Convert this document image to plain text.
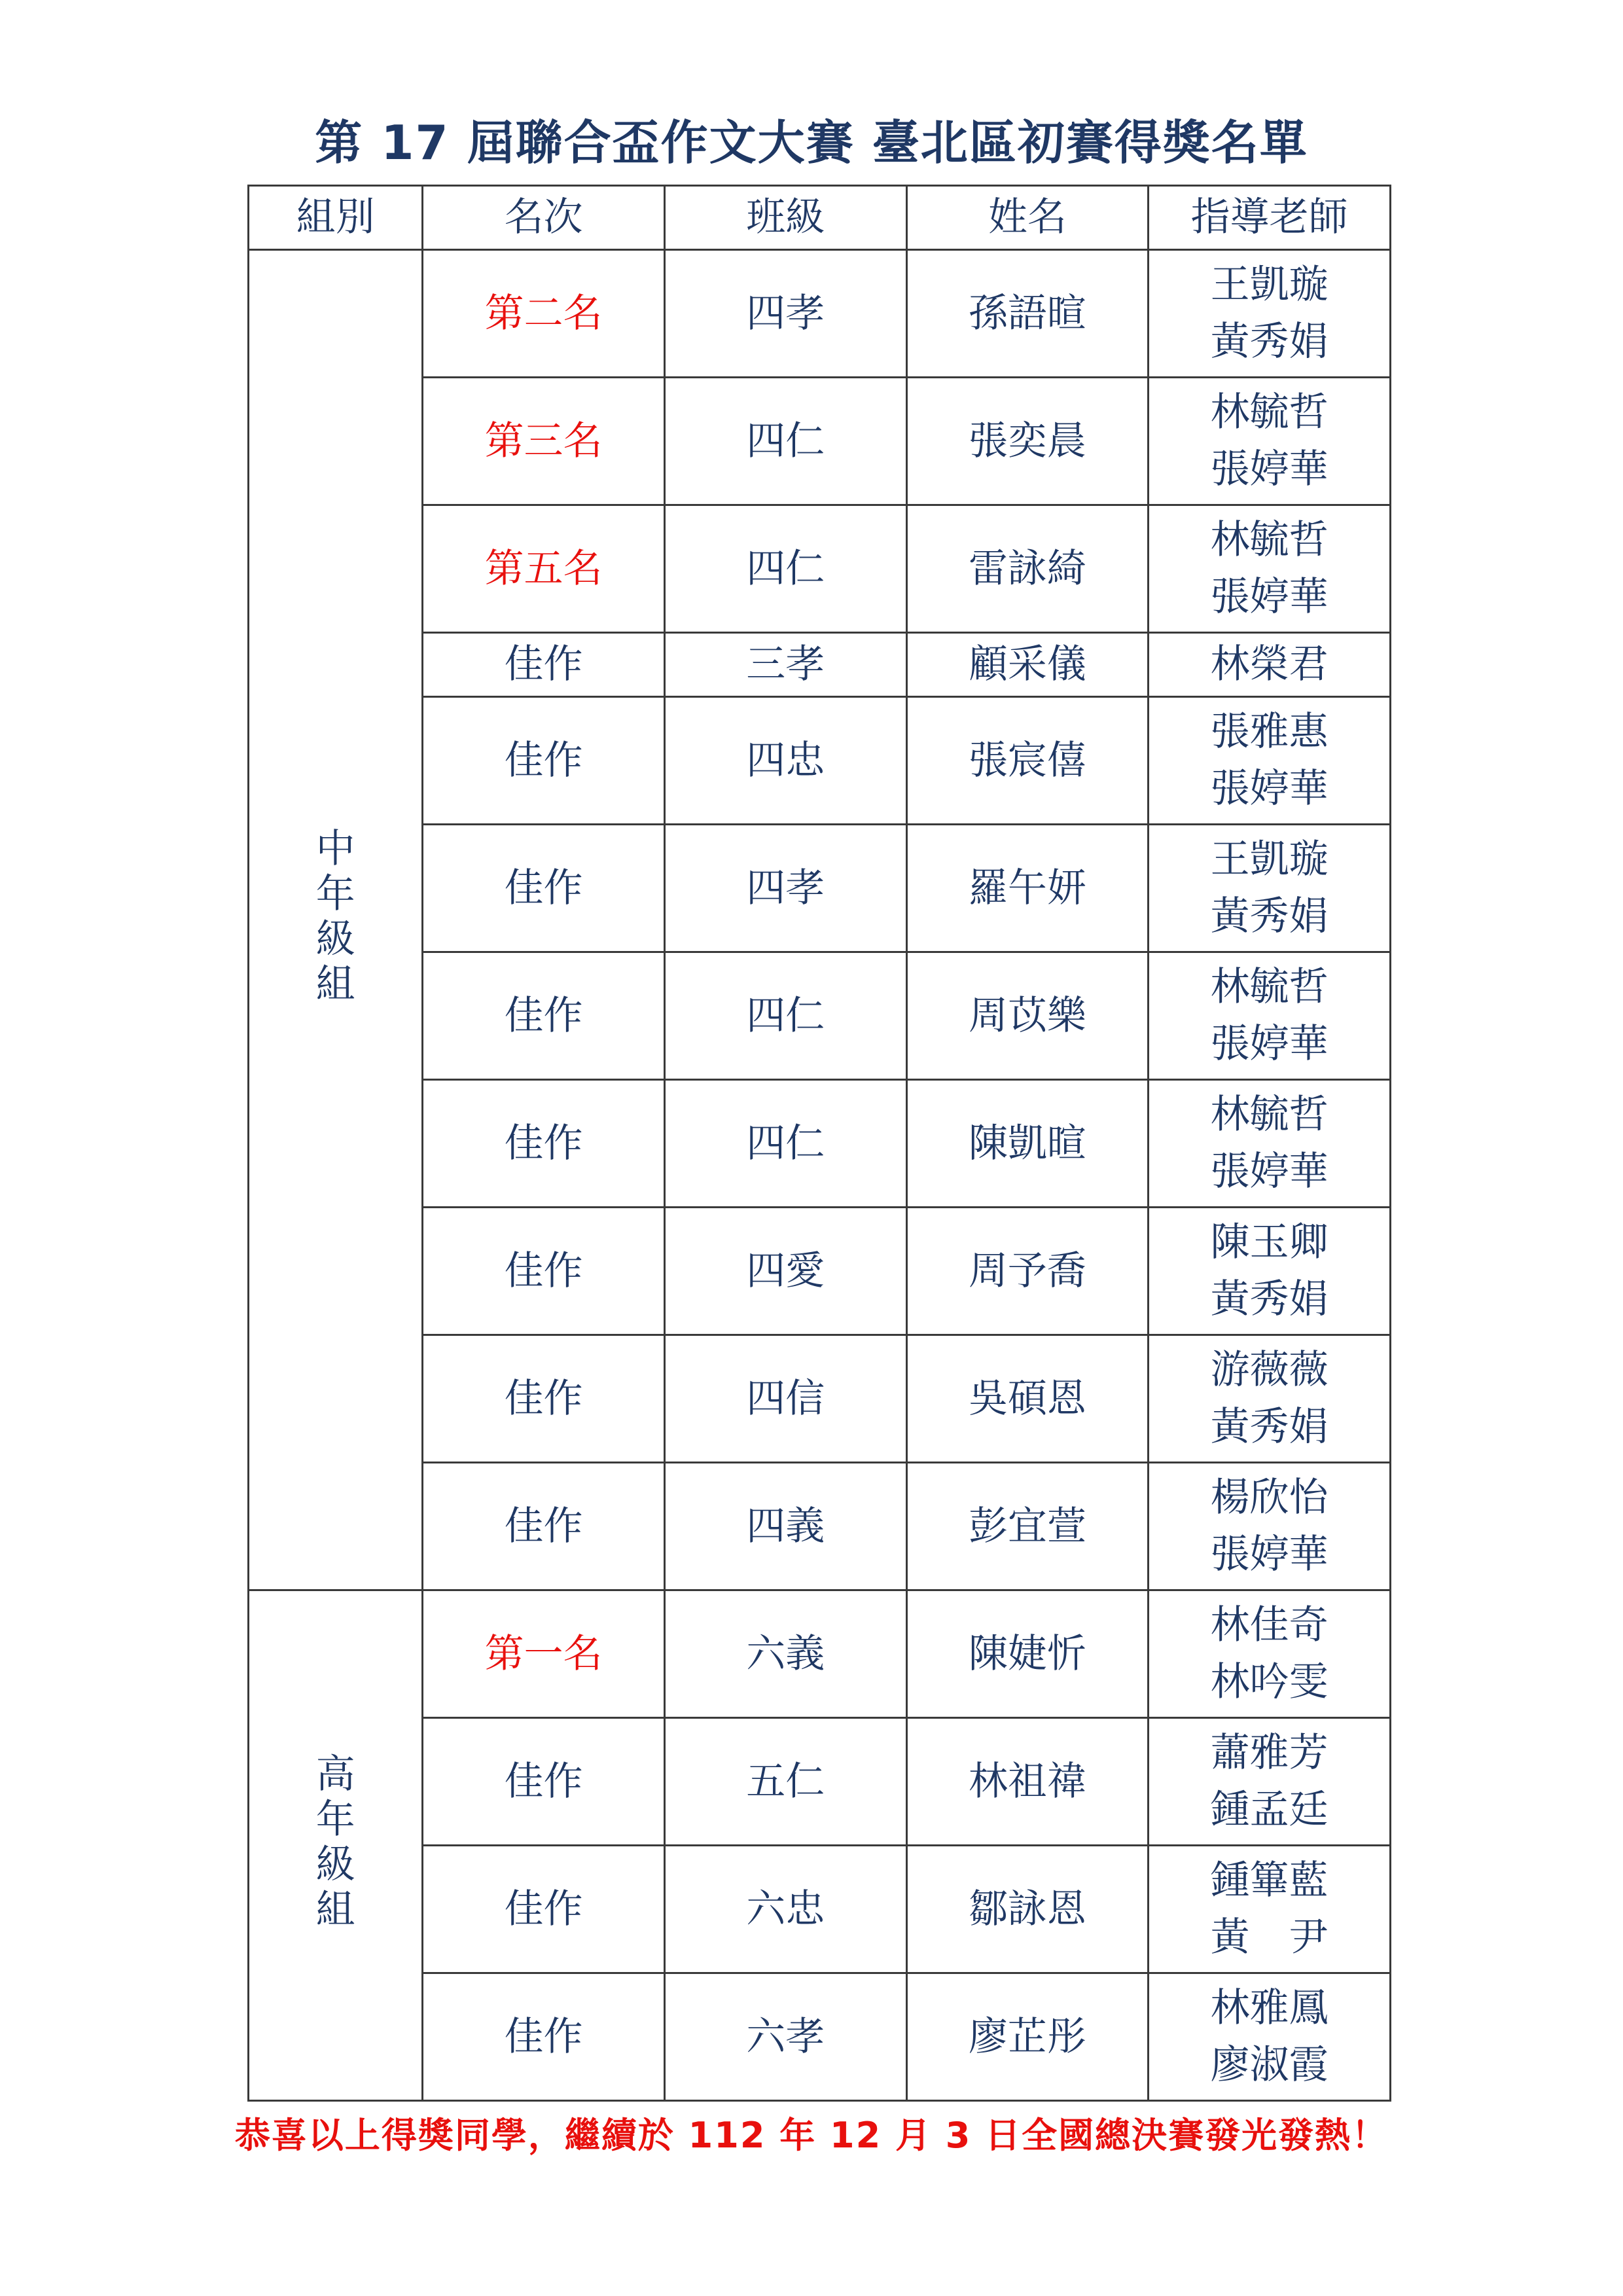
第 17 屆聯合盃作文大賽 臺北區初賽得獎名單
組別	名次	班級	姓名	指導老師
中年級組	第二名	四孝	孫語暄	王凱璇
黃秀娟

	第三名	四仁	張奕晨	林毓哲
張婷華

	第五名	四仁	雷詠綺	林毓哲
張婷華

	佳作	三孝	顧采儀	林榮君

	佳作	四忠	張宸僖	張雅惠
張婷華

	佳作	四孝	羅午妍	王凱璇
黃秀娟

	佳作	四仁	周苡樂	林毓哲
張婷華

	佳作	四仁	陳凱暄	林毓哲
張婷華

	佳作	四愛	周予喬	陳玉卿
黃秀娟

	佳作	四信	吳碩恩	游薇薇
黃秀娟

	佳作	四義	彭宜萱	楊欣怡
張婷華

高年級組	第一名	六義	陳婕忻	林佳奇
林吟雯

	佳作	五仁	林祖禕	蕭雅芳
鍾孟廷

	佳作	六忠	鄒詠恩	鍾篳藍
黃　尹

	佳作	六孝	廖芷彤	林雅鳳
廖淑霞
恭喜以上得獎同學，繼續於 112 年 12 月 3 日全國總決賽發光發熱！
